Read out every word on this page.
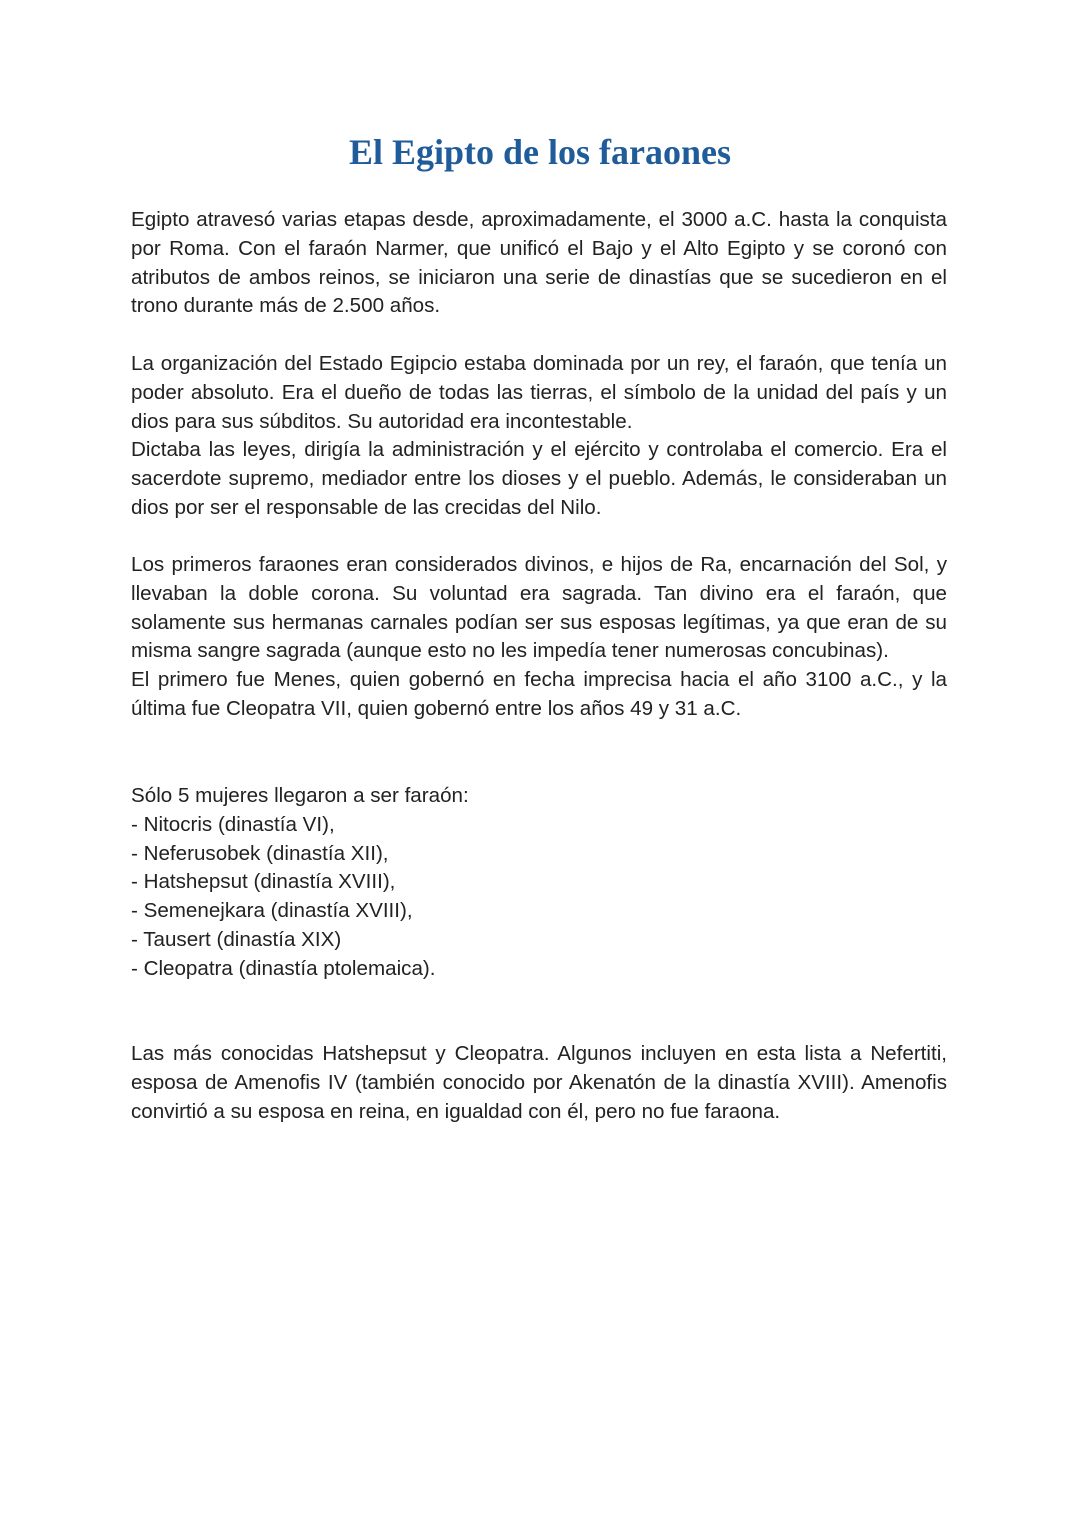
El Egipto de los faraones

Egipto atravesó varias etapas desde, aproximadamente, el 3000 a.C. hasta la conquista por Roma. Con el faraón Narmer, que unificó el Bajo y el Alto Egipto y se coronó con atributos de ambos reinos, se iniciaron una serie de dinastías que se sucedieron en el trono durante más de 2.500 años.

La organización del Estado Egipcio estaba dominada por un rey, el faraón, que tenía un poder absoluto. Era el dueño de todas las tierras, el símbolo de la unidad del país y un dios para sus súbditos. Su autoridad era incontestable.

Dictaba las leyes, dirigía la administración y el ejército y controlaba el comercio. Era el sacerdote supremo, mediador entre los dioses y el pueblo. Además, le consideraban un dios por ser el responsable de las crecidas del Nilo.

Los primeros faraones eran considerados divinos, e hijos de Ra, encarnación del Sol, y llevaban la doble corona. Su voluntad era sagrada. Tan divino era el faraón, que solamente sus hermanas carnales podían ser sus esposas legítimas, ya que eran de su misma sangre sagrada (aunque esto no les impedía tener numerosas concubinas).

El primero fue Menes, quien gobernó en fecha imprecisa hacia el año 3100 a.C., y la última fue Cleopatra VII, quien gobernó entre los años 49 y 31 a.C.

Sólo 5 mujeres llegaron a ser faraón:

- Nitocris (dinastía VI),
- Neferusobek (dinastía XII),
- Hatshepsut (dinastía XVIII),
- Semenejkara (dinastía XVIII),
- Tausert (dinastía XIX)
- Cleopatra (dinastía ptolemaica).

Las más conocidas Hatshepsut y Cleopatra. Algunos incluyen en esta lista a Nefertiti, esposa de Amenofis IV (también conocido por Akenatón de la dinastía XVIII). Amenofis convirtió a su esposa en reina, en igualdad con él, pero no fue faraona.
